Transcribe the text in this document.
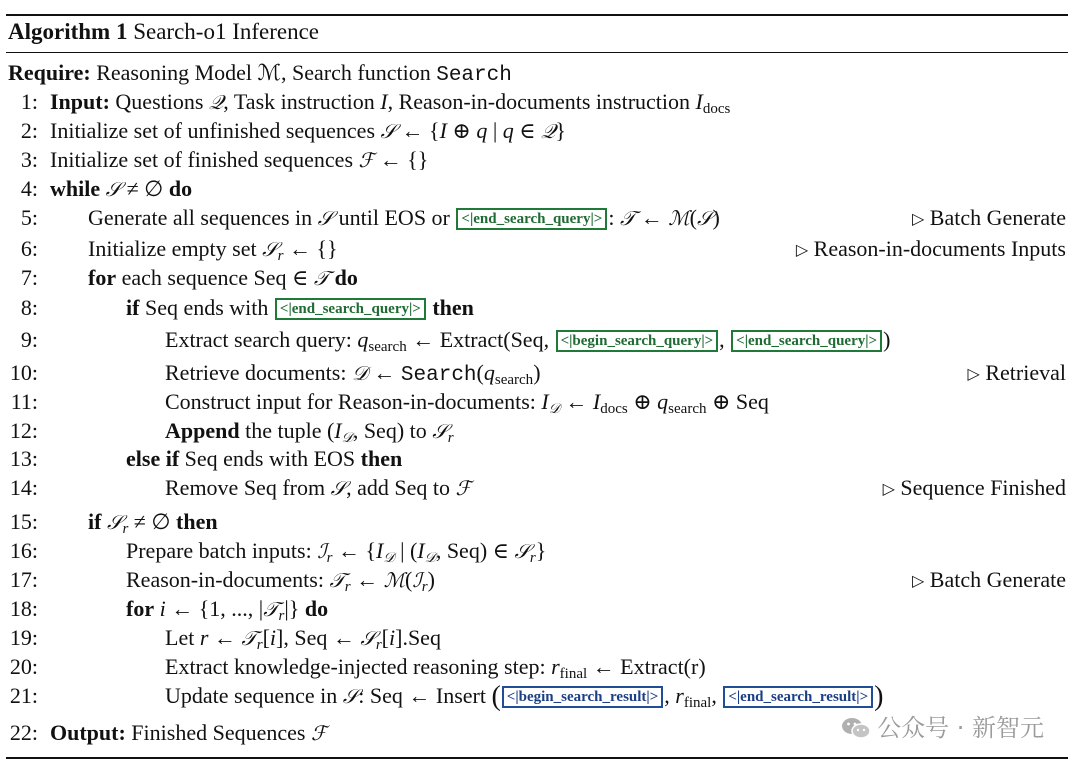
Algorithm 1 Search-o1 Inference
Require: Reasoning Model ℳ, Search function Search
1: Input: Questions 𝒬, Task instruction I, Reason-in-documents instruction $I_{docs}$
2: Initialize set of unfinished sequences 𝒮 ← {I ⊕ q | q ∈ 𝒬}
3: Initialize set of finished sequences ℱ ← {}
4: while 𝒮 ≠ ∅ do
5: Generate all sequences in 𝒮 until EOS or <|end_search_query|> : 𝒯 ← ℳ(𝒮)	▷ Batch Generate
6: Initialize empty set 𝒮$_r$ ← {}	▷ Reason-in-documents Inputs
7: for each sequence Seq ∈ 𝒯 do
8:	if Seq ends with <|end_search_query|> then
9:	Extract search query: $q_{search}$ ← Extract(Seq, <|begin_search_query|> , <|end_search_query|> )
10:	Retrieve documents: 𝒟 ← $Search(q_{search})$	▷ Retrieval
11:	Construct input for Reason-in-documents: $I_𝒟$ ← $I_{docs}$ ⊕ $q_{search}$ ⊕ Seq
12:	Append the tuple ($I_𝒟$, Seq) to 𝒮$_r$
13:	else if Seq ends with EOS then
14:	Remove Seq from 𝒮, add Seq to ℱ	▷ Sequence Finished
15: if 𝒮$_r$ ≠ ∅ then
16:	Prepare batch inputs: ℐ$_r$ ← {$I_𝒟$ | ($I_𝒟$, Seq) ∈ 𝒮$_r$}
17:	Reason-in-documents: 𝒯$_r$ ← ℳ(ℐ$_r$)	▷ Batch Generate
18:	for i ← {1, ..., |𝒯$_r$|} do
19:	Let r ← 𝒯$_r$[i], Seq ← 𝒮$_r$[i].Seq
20:	Extract knowledge-injected reasoning step: $r_{final}$ ← Extract(r)
21:	Update sequence in 𝒮: Seq ← Insert ( <|begin_search_result|> , $r_{final}$, <|end_search_result|> )
22: Output: Finished Sequences ℱ	公众号 · 新智元
